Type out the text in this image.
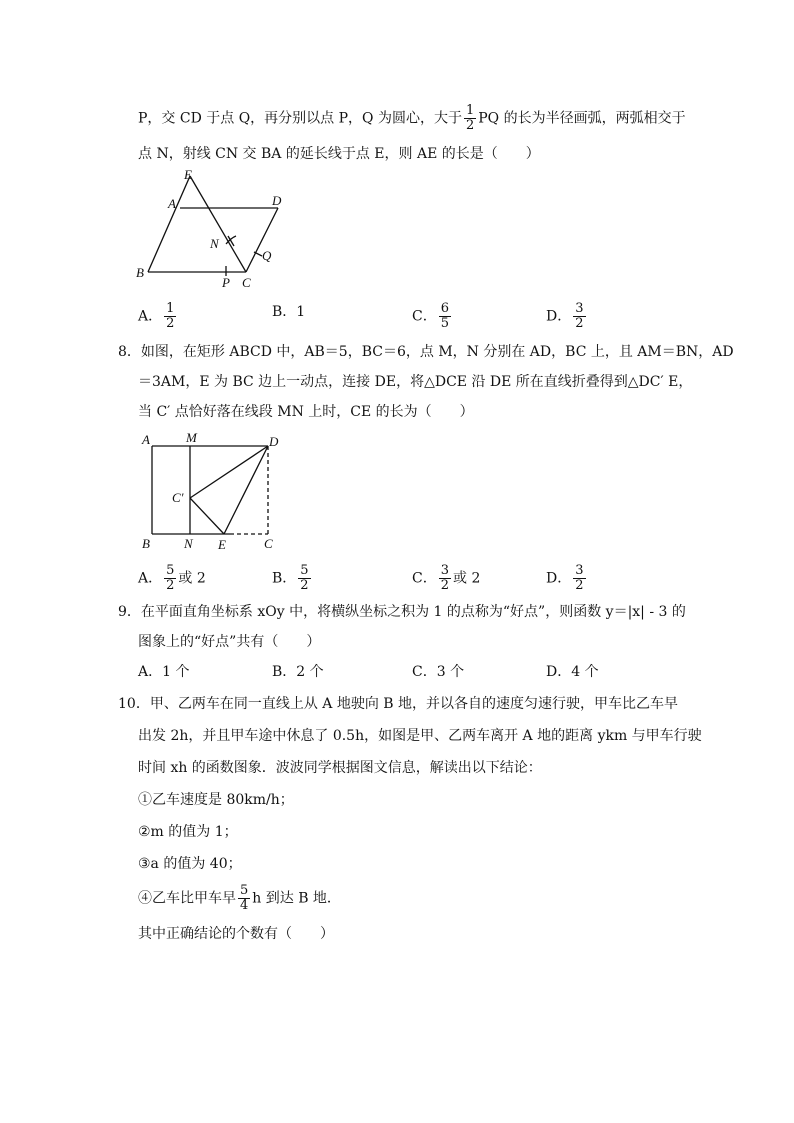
P，交 CD 于点 Q，再分别以点 P，Q 为圆心，大于 $\frac{1}{2}$ PQ 的长为半径画弧，两弧相交于
点 N，射线 CN 交 BA 的延长线于点 E，则 AE 的长是（　　）
E
A	D
N
Q
B
P C
A． $\frac{1}{2}$	B．1	C． $\frac{6}{5}$	D． $\frac{3}{2}$
8．如图，在矩形 ABCD 中，AB＝5，BC＝6，点 M，N 分别在 AD，BC 上，且 AM＝BN，AD
＝3AM，E 为 BC 边上一动点，连接 DE，将△DCE 沿 DE 所在直线折叠得到△DC′ E，
当 C′ 点恰好落在线段 MN 上时，CE 的长为（　　）
A	M	D
C′
B	N E	C
A． $\frac{5}{2}$ 或 2	B． $\frac{5}{2}$	C． $\frac{3}{2}$ 或 2	D． $\frac{3}{2}$
9．在平面直角坐标系 xOy 中，将横纵坐标之积为 1 的点称为“好点”，则函数 y＝|x| - 3 的
图象上的“好点”共有（　　）
A．1 个	B．2 个	C．3 个	D．4 个
10．甲、乙两车在同一直线上从 A 地驶向 B 地，并以各自的速度匀速行驶，甲车比乙车早
出发 2h，并且甲车途中休息了 0.5h，如图是甲、乙两车离开 A 地的距离 ykm 与甲车行驶
时间 xh 的函数图象．波波同学根据图文信息，解读出以下结论：
①乙车速度是 80km/h；
②m 的值为 1；
③a 的值为 40；
④乙车比甲车早 $\frac{5}{4}$ h 到达 B 地．
其中正确结论的个数有（　　）
